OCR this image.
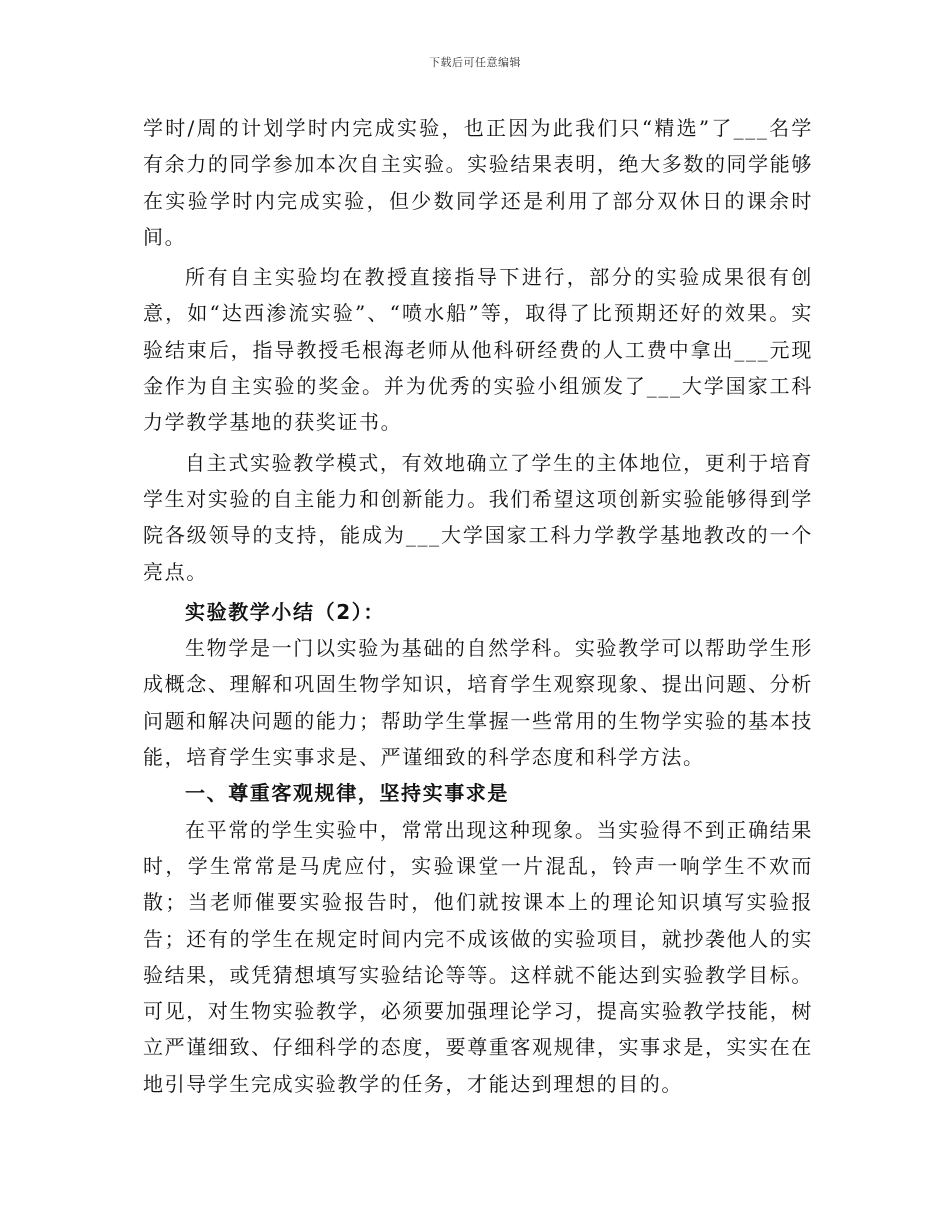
下载后可任意编辑

学时/周的计划学时内完成实验，也正因为此我们只“精选”了___名学有余力的同学参加本次自主实验。实验结果表明，绝大多数的同学能够在实验学时内完成实验，但少数同学还是利用了部分双休日的课余时间。

所有自主实验均在教授直接指导下进行，部分的实验成果很有创意，如“达西渗流实验”、“喷水船”等，取得了比预期还好的效果。实验结束后，指导教授毛根海老师从他科研经费的人工费中拿出___元现金作为自主实验的奖金。并为优秀的实验小组颁发了___大学国家工科力学教学基地的获奖证书。

自主式实验教学模式，有效地确立了学生的主体地位，更利于培育学生对实验的自主能力和创新能力。我们希望这项创新实验能够得到学院各级领导的支持，能成为___大学国家工科力学教学基地教改的一个亮点。

实验教学小结（2）：

生物学是一门以实验为基础的自然学科。实验教学可以帮助学生形成概念、理解和巩固生物学知识，培育学生观察现象、提出问题、分析问题和解决问题的能力；帮助学生掌握一些常用的生物学实验的基本技能，培育学生实事求是、严谨细致的科学态度和科学方法。

一、尊重客观规律，坚持实事求是

在平常的学生实验中，常常出现这种现象。当实验得不到正确结果时，学生常常是马虎应付，实验课堂一片混乱，铃声一响学生不欢而散；当老师催要实验报告时，他们就按课本上的理论知识填写实验报告；还有的学生在规定时间内完不成该做的实验项目，就抄袭他人的实验结果，或凭猜想填写实验结论等等。这样就不能达到实验教学目标。可见，对生物实验教学，必须要加强理论学习，提高实验教学技能，树立严谨细致、仔细科学的态度，要尊重客观规律，实事求是，实实在在地引导学生完成实验教学的任务，才能达到理想的目的。
